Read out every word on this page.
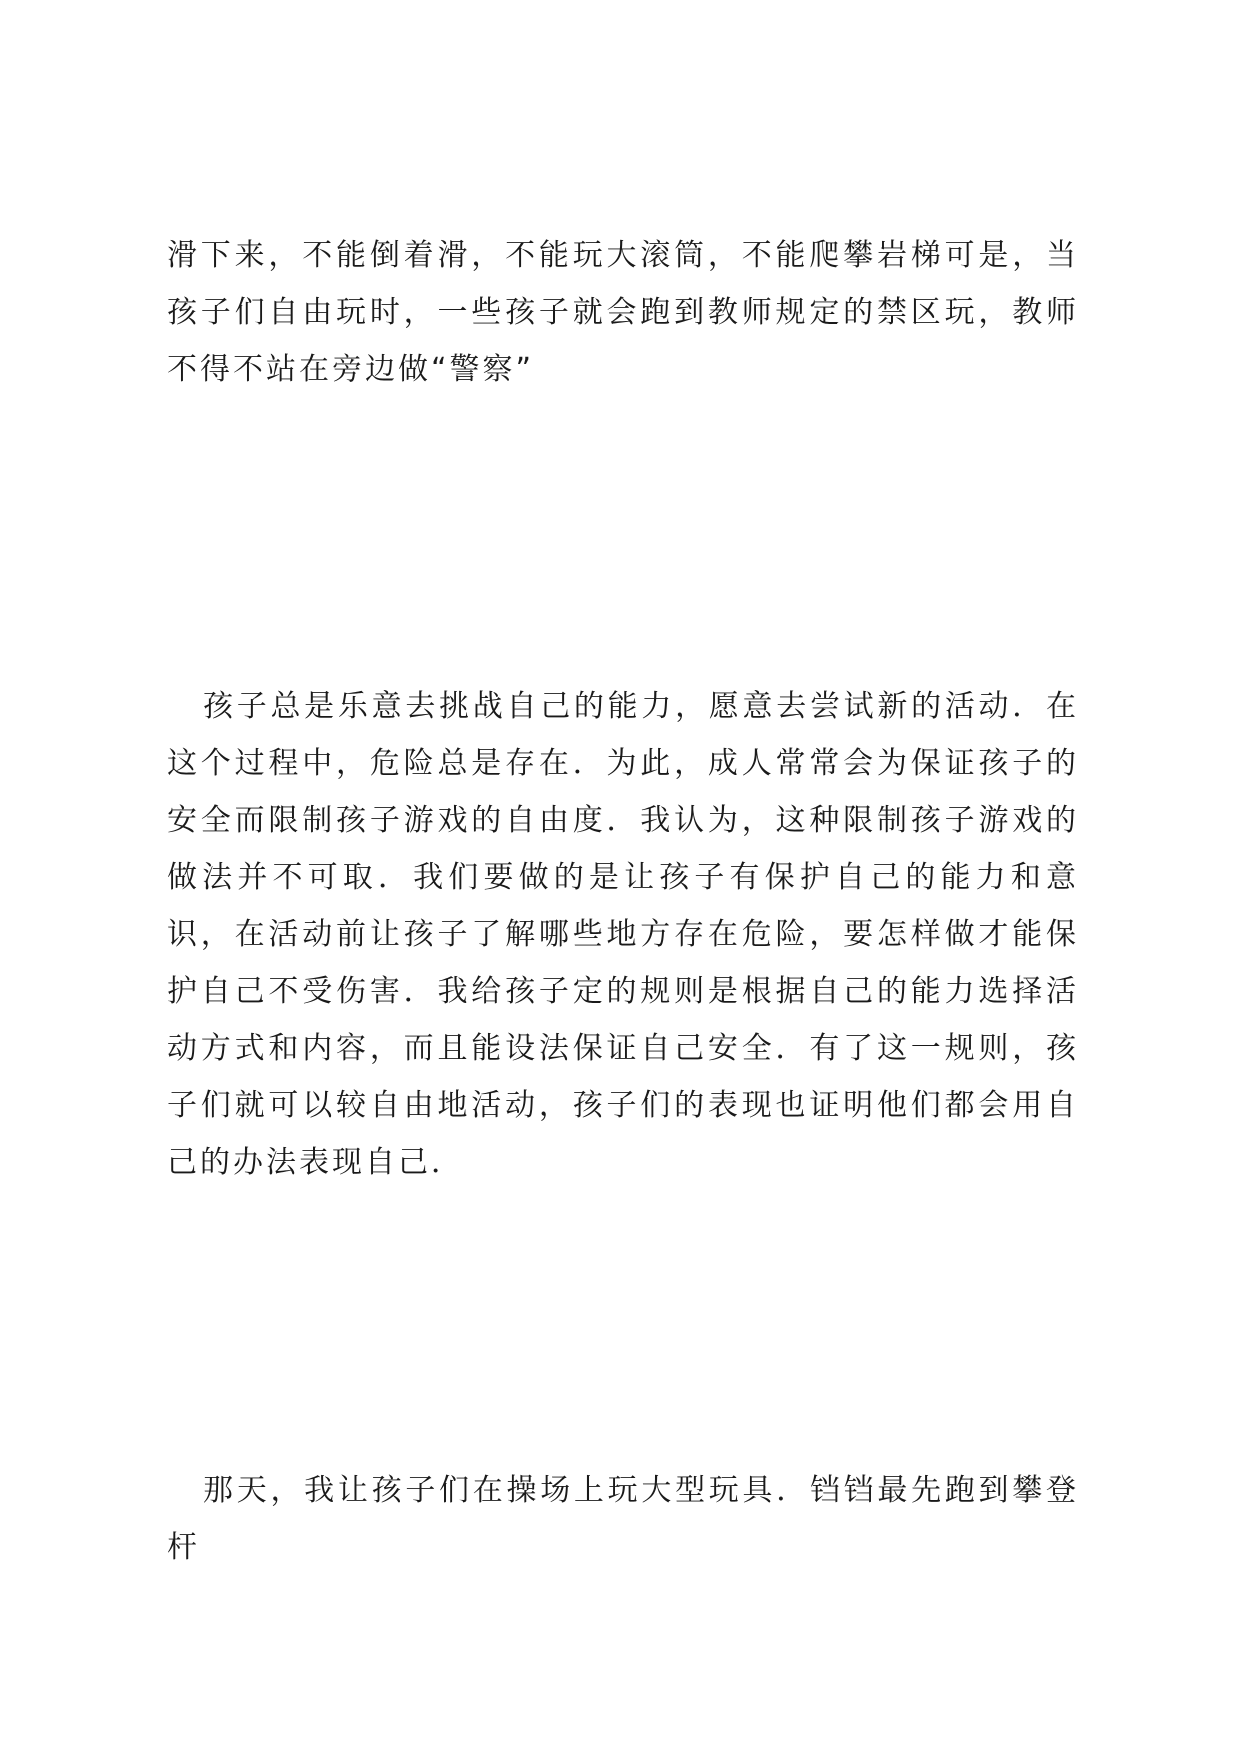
滑下来，不能倒着滑，不能玩大滚筒，不能爬攀岩梯可是，当孩子们自由玩时，一些孩子就会跑到教师规定的禁区玩，教师不得不站在旁边做“警察”

孩子总是乐意去挑战自己的能力，愿意去尝试新的活动．在这个过程中，危险总是存在．为此，成人常常会为保证孩子的安全而限制孩子游戏的自由度．我认为，这种限制孩子游戏的做法并不可取．我们要做的是让孩子有保护自己的能力和意识，在活动前让孩子了解哪些地方存在危险，要怎样做才能保护自己不受伤害．我给孩子定的规则是根据自己的能力选择活动方式和内容，而且能设法保证自己安全．有了这一规则，孩子们就可以较自由地活动，孩子们的表现也证明他们都会用自己的办法表现自己．

那天，我让孩子们在操场上玩大型玩具．铛铛最先跑到攀登杆
